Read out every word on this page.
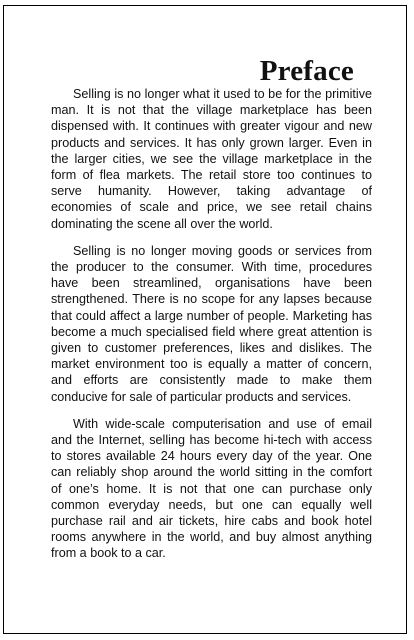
Preface

Selling is no longer what it used to be for the primitive man. It is not that the village marketplace has been dispensed with. It continues with greater vigour and new products and services. It has only grown larger. Even in the larger cities, we see the village marketplace in the form of flea markets. The retail store too continues to serve humanity. However, taking advantage of economies of scale and price, we see retail chains dominating the scene all over the world.

Selling is no longer moving goods or services from the producer to the consumer. With time, procedures have been streamlined, organisations have been strengthened. There is no scope for any lapses because that could affect a large number of people. Marketing has become a much specialised field where great attention is given to customer preferences, likes and dislikes. The market environment too is equally a matter of concern, and efforts are consistently made to make them conducive for sale of particular products and services.

With wide-scale computerisation and use of email and the Internet, selling has become hi-tech with access to stores available 24 hours every day of the year. One can reliably shop around the world sitting in the comfort of one’s home. It is not that one can purchase only common everyday needs, but one can equally well purchase rail and air tickets, hire cabs and book hotel rooms anywhere in the world, and buy almost anything from a book to a car.
